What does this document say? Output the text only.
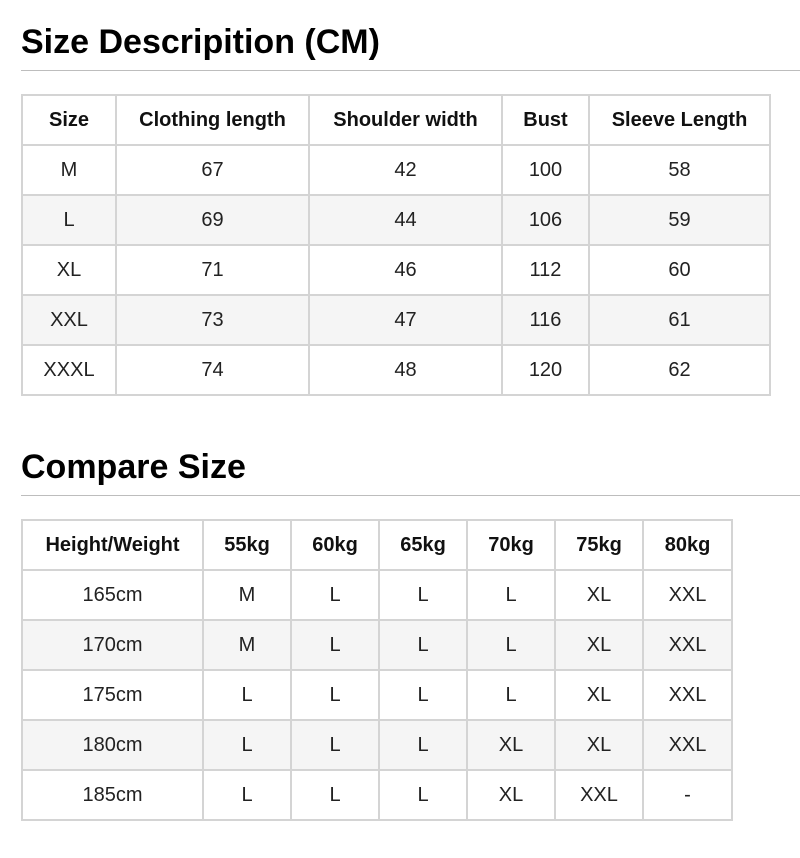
Size Descripition (CM)
Size	Clothing length	Shoulder width	Bust	Sleeve Length
M	67	42	100	58
L	69	44	106	59
XL	71	46	112	60
XXL	73	47	116	61
XXXL	74	48	120	62
Compare Size
Height/Weight	55kg	60kg	65kg	70kg	75kg	80kg
165cm	M	L	L	L	XL	XXL
170cm	M	L	L	L	XL	XXL
175cm	L	L	L	L	XL	XXL
180cm	L	L	L	XL	XL	XXL
185cm	L	L	L	XL	XXL	-
